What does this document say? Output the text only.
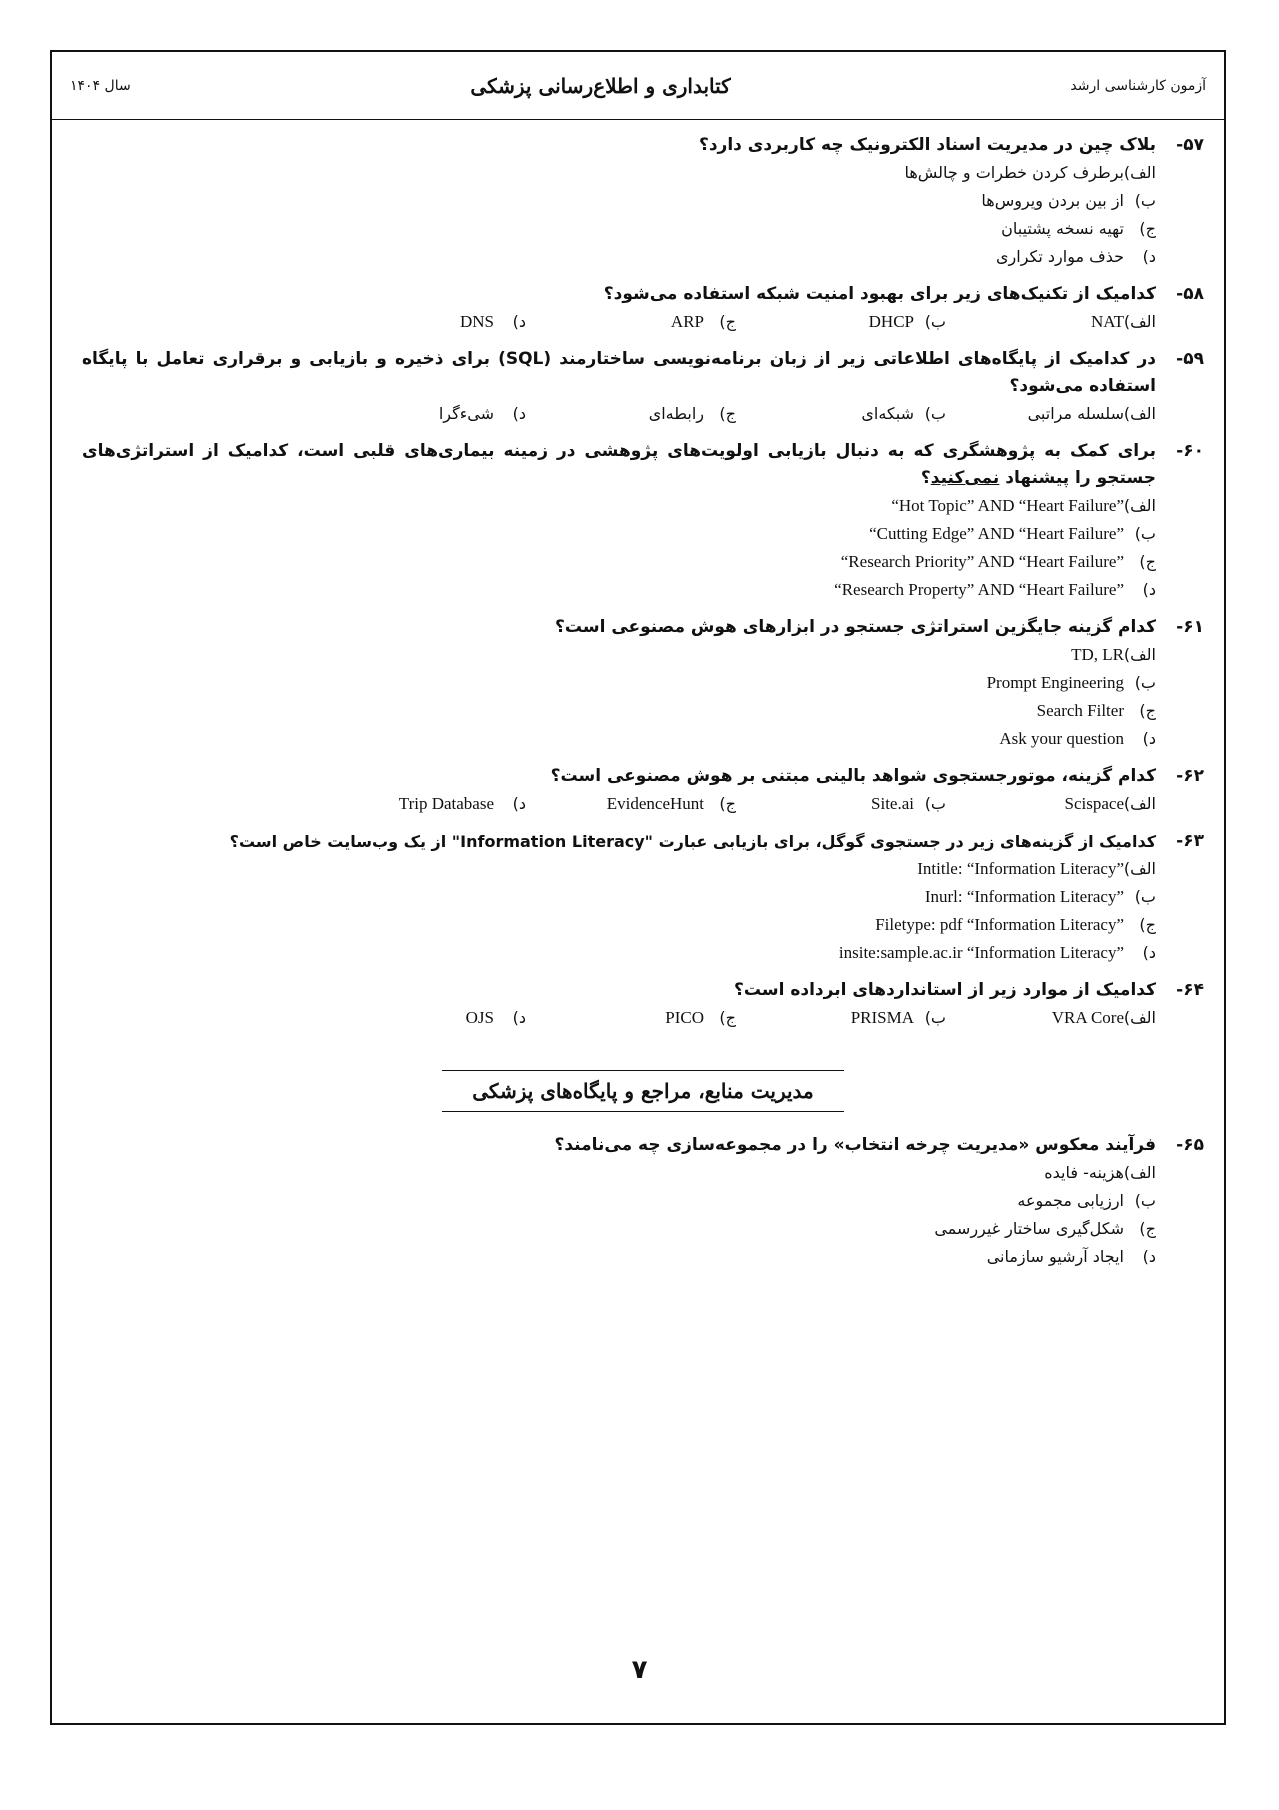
آزمون کارشناسی ارشد
کتابداری و اطلاع‌رسانی پزشکی
سال ۱۴۰۴
۵۷-
بلاک چین در مدیریت اسناد الکترونیک چه کاربردی دارد؟
الف)
برطرف کردن خطرات و چالش‌ها
ب)
از بین بردن ویروس‌ها
ج)
تهیه نسخه پشتیبان
د)
حذف موارد تکراری
۵۸-
کدامیک از تکنیک‌های زیر برای بهبود امنیت شبکه استفاده می‌شود؟
الف)
NAT
ب)
DHCP
ج)
ARP
د)
DNS
۵۹-
در کدامیک از پایگاه‌های اطلاعاتی زیر از زبان برنامه‌نویسی ساختارمند (SQL) برای ذخیره و بازیابی و برقراری تعامل با پایگاه استفاده می‌شود؟
الف)
سلسله مراتبی
ب)
شبکه‌ای
ج)
رابطه‌ای
د)
شیء‌گرا
۶۰-
برای کمک به پژوهشگری که به دنبال بازیابی اولویت‌های پژوهشی در زمینه بیماری‌های قلبی است، کدامیک از استراتژی‌های جستجو را پیشنهاد نمی‌کنید؟
الف)
“Hot Topic” AND “Heart Failure”
ب)
“Cutting Edge” AND “Heart Failure”
ج)
“Research Priority” AND “Heart Failure”
د)
“Research Property” AND “Heart Failure”
۶۱-
کدام گزینه جایگزین استراتژی جستجو در ابزارهای هوش مصنوعی است؟
الف)
TD, LR
ب)
Prompt Engineering
ج)
Search Filter
د)
Ask your question
۶۲-
کدام گزینه، موتورجستجوی شواهد بالینی مبتنی بر هوش مصنوعی است؟
الف)
Scispace
ب)
Site.ai
ج)
EvidenceHunt
د)
Trip Database
۶۳-
کدامیک از گزینه‌های زیر در جستجوی گوگل، برای بازیابی عبارت "Information Literacy" از یک وب‌سایت خاص است؟
الف)
Intitle: “Information Literacy”
ب)
Inurl: “Information Literacy”
ج)
Filetype: pdf “Information Literacy”
د)
insite:sample.ac.ir “Information Literacy”
۶۴-
کدامیک از موارد زیر از استانداردهای ابرداده است؟
الف)
VRA Core
ب)
PRISMA
ج)
PICO
د)
OJS
مدیریت منابع، مراجع و پایگاه‌های پزشکی
۶۵-
فرآیند معکوس «مدیریت چرخه انتخاب» را در مجموعه‌سازی چه می‌نامند؟
الف)
هزینه- فایده
ب)
ارزیابی مجموعه
ج)
شکل‌گیری ساختار غیررسمی
د)
ایجاد آرشیو سازمانی
۷
